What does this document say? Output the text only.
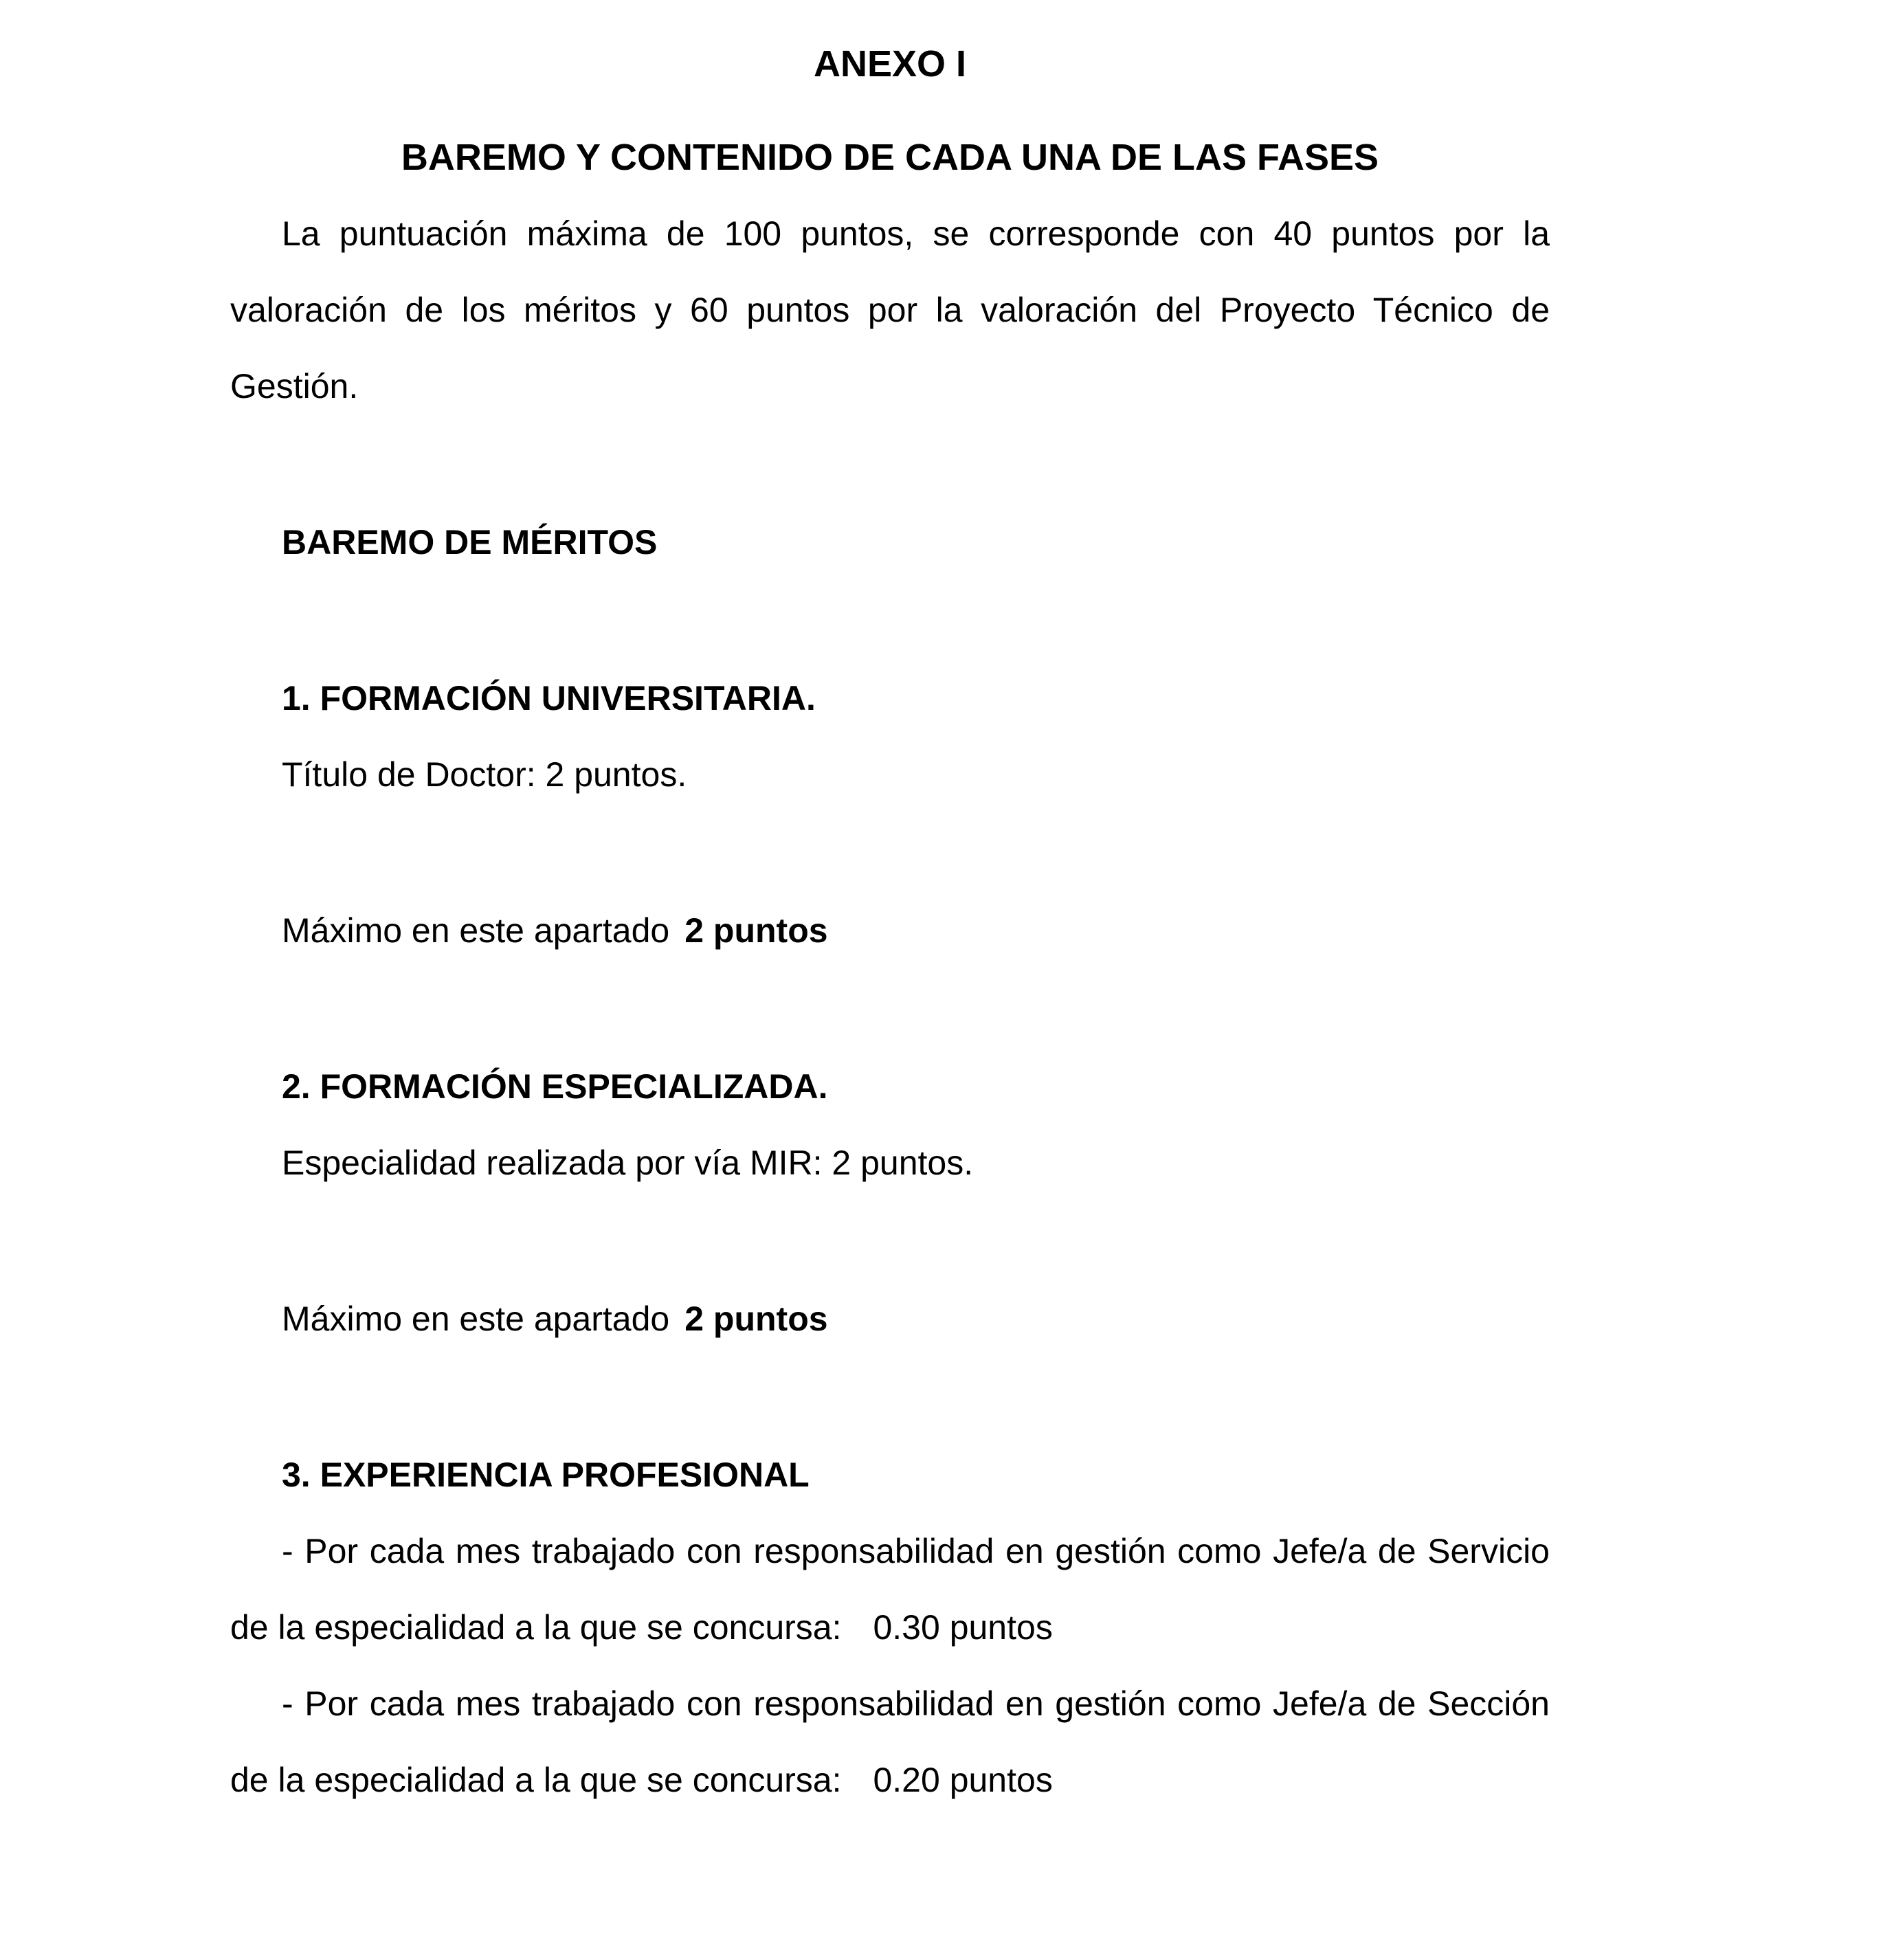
ANEXO I
BAREMO Y CONTENIDO DE CADA UNA DE LAS FASES
La puntuación máxima de 100 puntos, se corresponde con 40 puntos por la
valoración de los méritos y 60 puntos por la valoración del Proyecto Técnico de
Gestión.
BAREMO DE MÉRITOS
1. FORMACIÓN UNIVERSITARIA.
Título de Doctor: 2 puntos.
Máximo en este apartado 2 puntos
2. FORMACIÓN ESPECIALIZADA.
Especialidad realizada por vía MIR: 2 puntos.
Máximo en este apartado 2 puntos
3. EXPERIENCIA PROFESIONAL
- Por cada mes trabajado con responsabilidad en gestión como Jefe/a de Servicio
de la especialidad a la que se concursa: 0.30 puntos
- Por cada mes trabajado con responsabilidad en gestión como Jefe/a de Sección
de la especialidad a la que se concursa: 0.20 puntos
